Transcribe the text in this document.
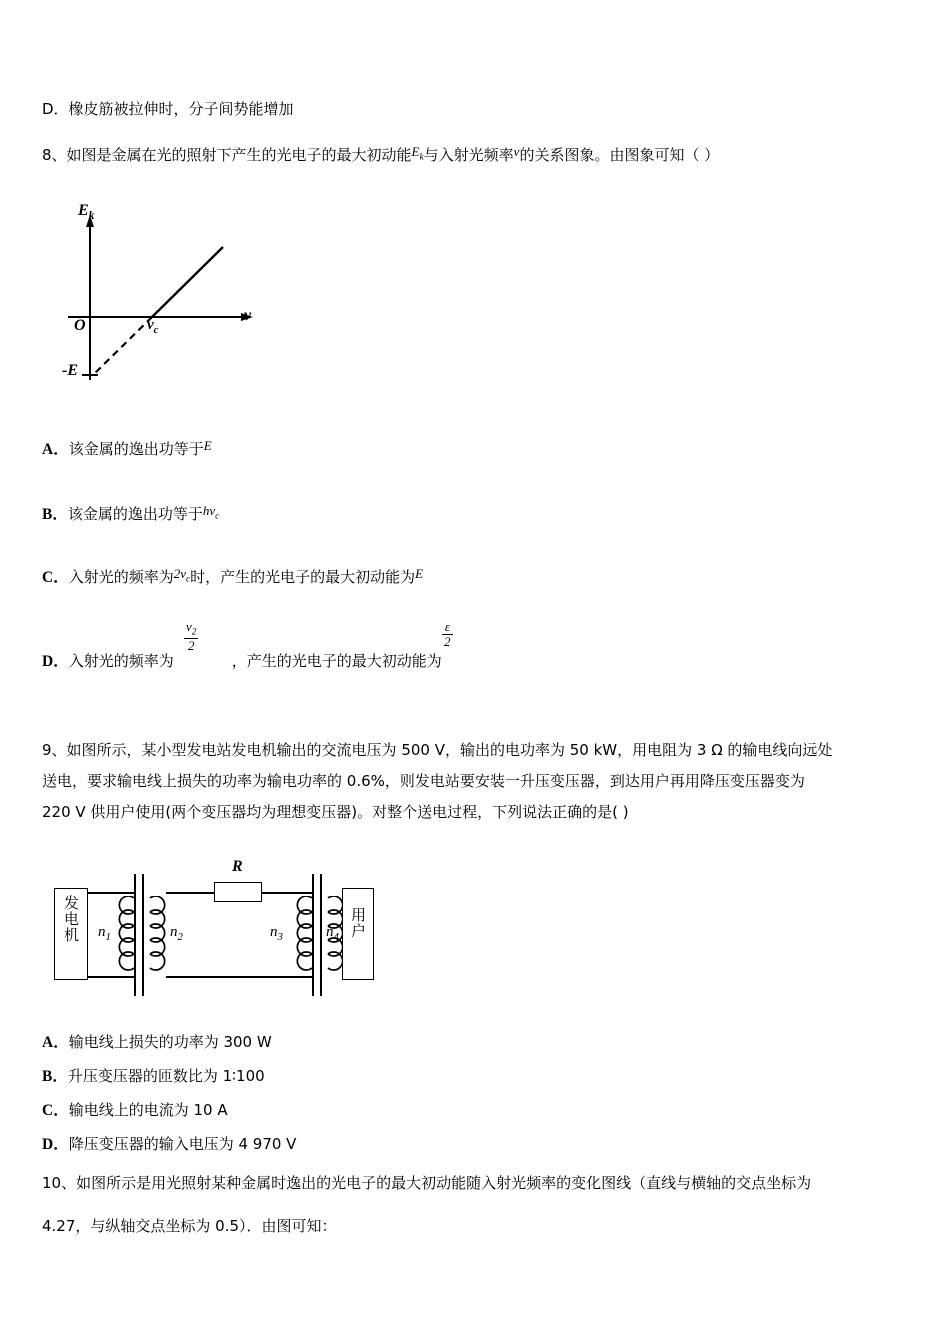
D．橡皮筋被拉伸时，分子间势能增加
8、如图是金属在光的照射下产生的光电子的最大初动能$^{E_k}$与入射光频率$^v$的关系图象。由图象可知（ ）
$E_k$
O	$v_c$
v
-E
A．该金属的逸出功等于$^E$
B．该金属的逸出功等于$^{hv_c}$
C．入射光的频率为$^{2v_c}$时，产生的光电子的最大初动能为$^E$
D．入射光的频率为	，产生的光电子的最大初动能为
$\frac{v_2}{2}$	$\frac{\varepsilon}{2}$
9、如图所示，某小型发电站发电机输出的交流电压为 500 V，输出的电功率为 50 kW，用电阻为 3 Ω 的输电线向远处
送电，要求输电线上损失的功率为输电功率的 0.6%，则发电站要安装一升压变压器，到达用户再用降压变压器变为
220 V 供用户使用(两个变压器均为理想变压器)。对整个送电过程，下列说法正确的是( )
发电机
R
用户
$n_1$	$n_2$	$n_3$	$n_4$
A．输电线上损失的功率为 300 W
B．升压变压器的匝数比为 1∶100
C．输电线上的电流为 10 A
D．降压变压器的输入电压为 4 970 V
10、如图所示是用光照射某种金属时逸出的光电子的最大初动能随入射光频率的变化图线（直线与横轴的交点坐标为
4.27，与纵轴交点坐标为 0.5）．由图可知：
